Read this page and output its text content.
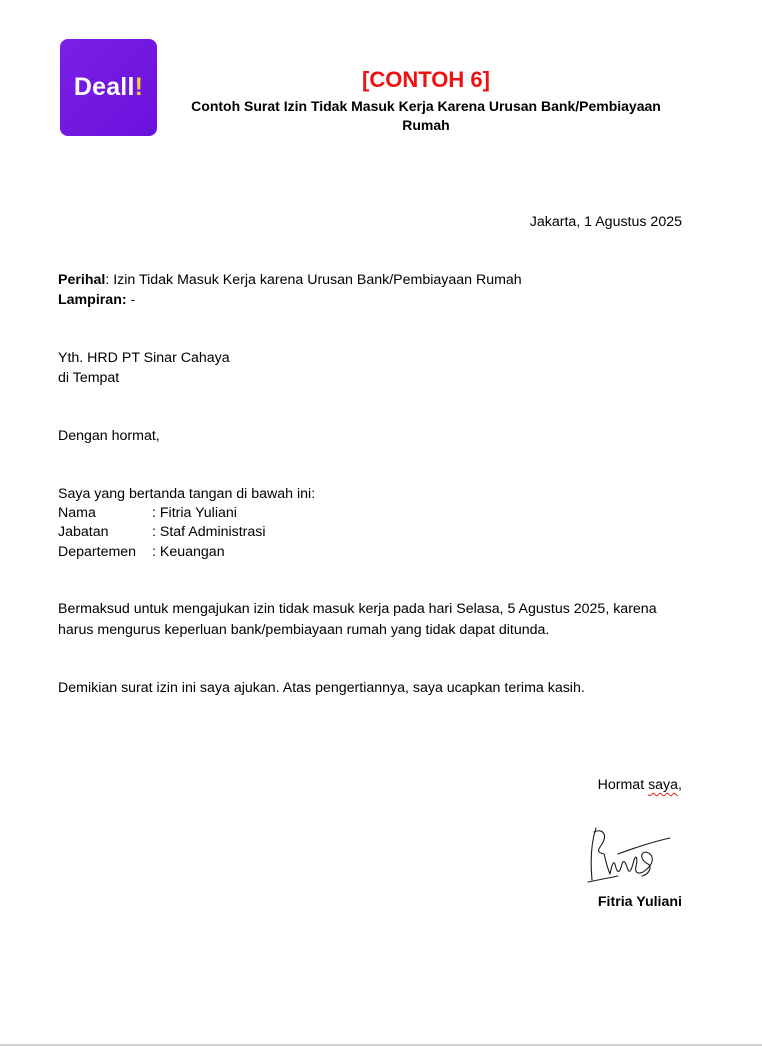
Deall!	[CONTOH 6]
Contoh Surat Izin Tidak Masuk Kerja Karena Urusan Bank/Pembiayaan
Rumah
Jakarta, 1 Agustus 2025
Perihal: Izin Tidak Masuk Kerja karena Urusan Bank/Pembiayaan Rumah
Lampiran: -
Yth. HRD PT Sinar Cahaya
di Tempat
Dengan hormat,
Saya yang bertanda tangan di bawah ini:
Nama	: Fitria Yuliani
Jabatan	: Staf Administrasi
Departemen : Keuangan
Bermaksud untuk mengajukan izin tidak masuk kerja pada hari Selasa, 5 Agustus 2025, karena
harus mengurus keperluan bank/pembiayaan rumah yang tidak dapat ditunda.
Demikian surat izin ini saya ajukan. Atas pengertiannya, saya ucapkan terima kasih.
Hormat saya,
Fitria Yuliani
